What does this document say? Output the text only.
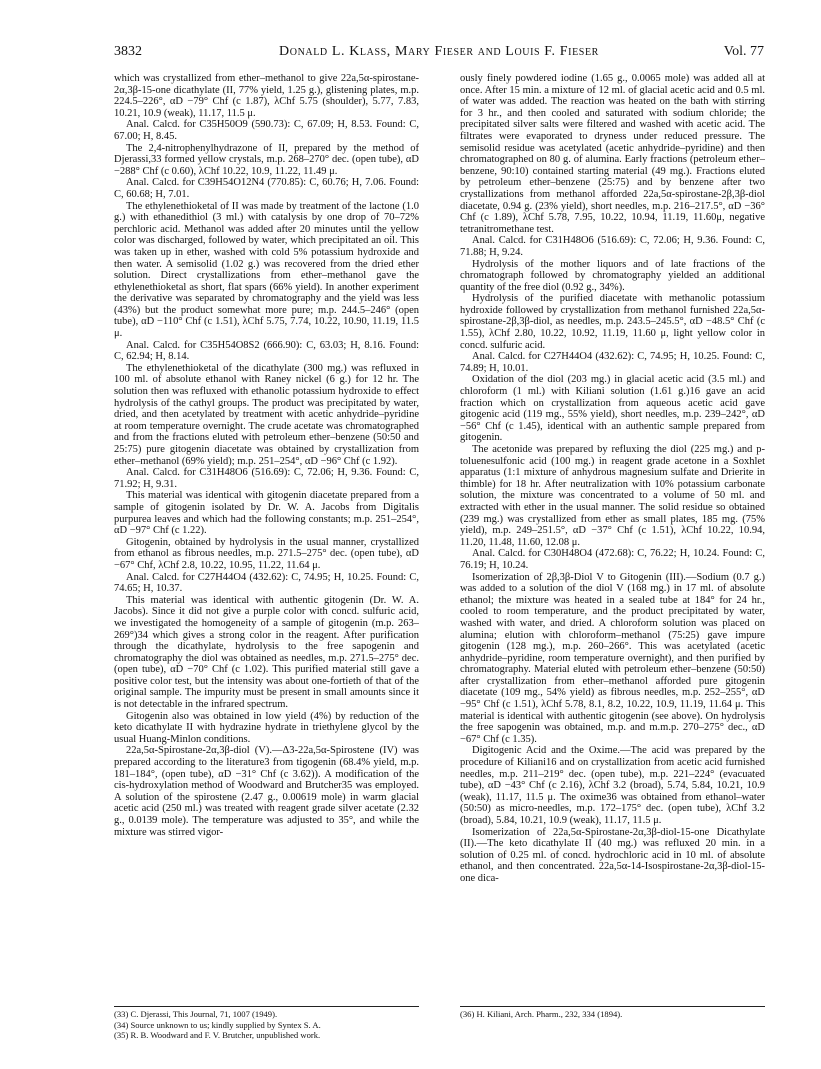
3832	Donald L. Klass, Mary Fieser and Louis F. Fieser	Vol. 77

which was crystallized from ether–methanol to give 22a,5α-spirostane-2α,3β-15-one dicathylate (II, 77% yield, 1.25 g.), glistening plates, m.p. 224.5–226°, αD −79° Chf (c 1.87), λChf 5.75 (shoulder), 5.77, 7.83, 10.21, 10.9 (weak), 11.17, 11.5 μ.

Anal. Calcd. for C35H50O9 (590.73): C, 67.09; H, 8.53. Found: C, 67.00; H, 8.45.

The 2,4-nitrophenylhydrazone of II, prepared by the method of Djerassi,33 formed yellow crystals, m.p. 268–270° dec. (open tube), αD −288° Chf (c 0.60), λChf 10.22, 10.9, 11.22, 11.49 μ.

Anal. Calcd. for C39H54O12N4 (770.85): C, 60.76; H, 7.06. Found: C, 60.68; H, 7.01.

The ethylenethioketal of II was made by treatment of the lactone (1.0 g.) with ethanedithiol (3 ml.) with catalysis by one drop of 70–72% perchloric acid. Methanol was added after 20 minutes until the yellow color was discharged, followed by water, which precipitated an oil. This was taken up in ether, washed with cold 5% potassium hydroxide and then water. A semisolid (1.02 g.) was recovered from the dried ether solution. Direct crystallizations from ether–methanol gave the ethylenethioketal as short, flat spars (66% yield). In another experiment the derivative was separated by chromatography and the yield was less (43%) but the product somewhat more pure; m.p. 244.5–246° (open tube), αD −110° Chf (c 1.51), λChf 5.75, 7.74, 10.22, 10.90, 11.19, 11.5 μ.

Anal. Calcd. for C35H54O8S2 (666.90): C, 63.03; H, 8.16. Found: C, 62.94; H, 8.14.

The ethylenethioketal of the dicathylate (300 mg.) was refluxed in 100 ml. of absolute ethanol with Raney nickel (6 g.) for 12 hr. The solution then was refluxed with ethanolic potassium hydroxide to effect hydrolysis of the cathyl groups. The product was precipitated by water, dried, and then acetylated by treatment with acetic anhydride–pyridine at room temperature overnight. The crude acetate was chromatographed and from the fractions eluted with petroleum ether–benzene (50:50 and 25:75) pure gitogenin diacetate was obtained by crystallization from ether–methanol (69% yield); m.p. 251–254°, αD −96° Chf (c 1.92).

Anal. Calcd. for C31H48O6 (516.69): C, 72.06; H, 9.36. Found: C, 71.92; H, 9.31.

This material was identical with gitogenin diacetate prepared from a sample of gitogenin isolated by Dr. W. A. Jacobs from Digitalis purpurea leaves and which had the following constants; m.p. 251–254°, αD −97° Chf (c 1.22).

Gitogenin, obtained by hydrolysis in the usual manner, crystallized from ethanol as fibrous needles, m.p. 271.5–275° dec. (open tube), αD −67° Chf, λChf 2.8, 10.22, 10.95, 11.22, 11.64 μ.

Anal. Calcd. for C27H44O4 (432.62): C, 74.95; H, 10.25. Found: C, 74.65; H, 10.37.

This material was identical with authentic gitogenin (Dr. W. A. Jacobs). Since it did not give a purple color with concd. sulfuric acid, we investigated the homogeneity of a sample of gitogenin (m.p. 263–269°)34 which gives a strong color in the reagent. After purification through the dicathylate, hydrolysis to the free sapogenin and chromatography the diol was obtained as needles, m.p. 271.5–275° dec. (open tube), αD −70° Chf (c 1.02). This purified material still gave a positive color test, but the intensity was about one-fortieth of that of the original sample. The impurity must be present in small amounts since it is not detectable in the infrared spectrum.

Gitogenin also was obtained in low yield (4%) by reduction of the keto dicathylate II with hydrazine hydrate in triethylene glycol by the usual Huang-Minlon conditions.

22a,5α-Spirostane-2α,3β-diol (V).—Δ3-22a,5α-Spirostene (IV) was prepared according to the literature3 from tigogenin (68.4% yield, m.p. 181–184°, (open tube), αD −31° Chf (c 3.62)). A modification of the cis-hydroxylation method of Woodward and Brutcher35 was employed. A solution of the spirostene (2.47 g., 0.00619 mole) in warm glacial acetic acid (250 ml.) was treated with reagent grade silver acetate (2.32 g., 0.0139 mole). The temperature was adjusted to 35°, and while the mixture was stirred vigor-

ously finely powdered iodine (1.65 g., 0.0065 mole) was added all at once. After 15 min. a mixture of 12 ml. of glacial acetic acid and 0.5 ml. of water was added. The reaction was heated on the bath with stirring for 3 hr., and then cooled and saturated with sodium chloride; the precipitated silver salts were filtered and washed with acetic acid. The filtrates were evaporated to dryness under reduced pressure. The semisolid residue was acetylated (acetic anhydride–pyridine) and then chromatographed on 80 g. of alumina. Early fractions (petroleum ether–benzene, 90:10) contained starting material (49 mg.). Fractions eluted by petroleum ether–benzene (25:75) and by benzene after two crystallizations from methanol afforded 22a,5α-spirostane-2β,3β-diol diacetate, 0.94 g. (23% yield), short needles, m.p. 216–217.5°, αD −36° Chf (c 1.89), λChf 5.78, 7.95, 10.22, 10.94, 11.19, 11.60μ, negative tetranitromethane test.

Anal. Calcd. for C31H48O6 (516.69): C, 72.06; H, 9.36. Found: C, 71.88; H, 9.24.

Hydrolysis of the mother liquors and of late fractions of the chromatograph followed by chromatography yielded an additional quantity of the free diol (0.92 g., 34%).

Hydrolysis of the purified diacetate with methanolic potassium hydroxide followed by crystallization from methanol furnished 22a,5α-spirostane-2β,3β-diol, as needles, m.p. 243.5–245.5°, αD −48.5° Chf (c 1.55), λChf 2.80, 10.22, 10.92, 11.19, 11.60 μ, light yellow color in concd. sulfuric acid.

Anal. Calcd. for C27H44O4 (432.62): C, 74.95; H, 10.25. Found: C, 74.89; H, 10.01.

Oxidation of the diol (203 mg.) in glacial acetic acid (3.5 ml.) and chloroform (1 ml.) with Kiliani solution (1.61 g.)16 gave an acid fraction which on crystallization from aqueous acetic acid gave gitogenic acid (119 mg., 55% yield), short needles, m.p. 239–242°, αD −56° Chf (c 1.45), identical with an authentic sample prepared from gitogenin.

The acetonide was prepared by refluxing the diol (225 mg.) and p-toluenesulfonic acid (100 mg.) in reagent grade acetone in a Soxhlet apparatus (1:1 mixture of anhydrous magnesium sulfate and Drierite in thimble) for 18 hr. After neutralization with 10% potassium carbonate solution, the mixture was concentrated to a volume of 50 ml. and extracted with ether in the usual manner. The solid residue so obtained (239 mg.) was crystallized from ether as small plates, 185 mg. (75% yield), m.p. 249–251.5°, αD −37° Chf (c 1.51), λChf 10.22, 10.94, 11.20, 11.48, 11.60, 12.08 μ.

Anal. Calcd. for C30H48O4 (472.68): C, 76.22; H, 10.24. Found: C, 76.19; H, 10.24.

Isomerization of 2β,3β-Diol V to Gitogenin (III).—Sodium (0.7 g.) was added to a solution of the diol V (168 mg.) in 17 ml. of absolute ethanol; the mixture was heated in a sealed tube at 184° for 24 hr., cooled to room temperature, and the product precipitated by water, washed with water, and dried. A chloroform solution was placed on alumina; elution with chloroform–methanol (75:25) gave impure gitogenin (128 mg.), m.p. 260–266°. This was acetylated (acetic anhydride–pyridine, room temperature overnight), and then purified by chromatography. Material eluted with petroleum ether–benzene (50:50) after crystallization from ether–methanol afforded pure gitogenin diacetate (109 mg., 54% yield) as fibrous needles, m.p. 252–255°, αD −95° Chf (c 1.51), λChf 5.78, 8.1, 8.2, 10.22, 10.9, 11.19, 11.64 μ. This material is identical with authentic gitogenin (see above). On hydrolysis the free sapogenin was obtained, m.p. and m.m.p. 270–275° dec., αD −67° Chf (c 1.35).

Digitogenic Acid and the Oxime.—The acid was prepared by the procedure of Kiliani16 and on crystallization from acetic acid furnished needles, m.p. 211–219° dec. (open tube), m.p. 221–224° (evacuated tube), αD −43° Chf (c 2.16), λChf 3.2 (broad), 5.74, 5.84, 10.21, 10.9 (weak), 11.17, 11.5 μ. The oxime36 was obtained from ethanol–water (50:50) as micro-needles, m.p. 172–175° dec. (open tube), λChf 3.2 (broad), 5.84, 10.21, 10.9 (weak), 11.17, 11.5 μ.

Isomerization of 22a,5α-Spirostane-2α,3β-diol-15-one Dicathylate (II).—The keto dicathylate II (40 mg.) was refluxed 20 min. in a solution of 0.25 ml. of concd. hydrochloric acid in 10 ml. of absolute ethanol, and then concentrated. 22a,5α-14-Isospirostane-2α,3β-diol-15-one dica-

(33) C. Djerassi, This Journal, 71, 1007 (1949).
(34) Source unknown to us; kindly supplied by Syntex S. A.
(35) R. B. Woodward and F. V. Brutcher, unpublished work.
(36) H. Kiliani, Arch. Pharm., 232, 334 (1894).
